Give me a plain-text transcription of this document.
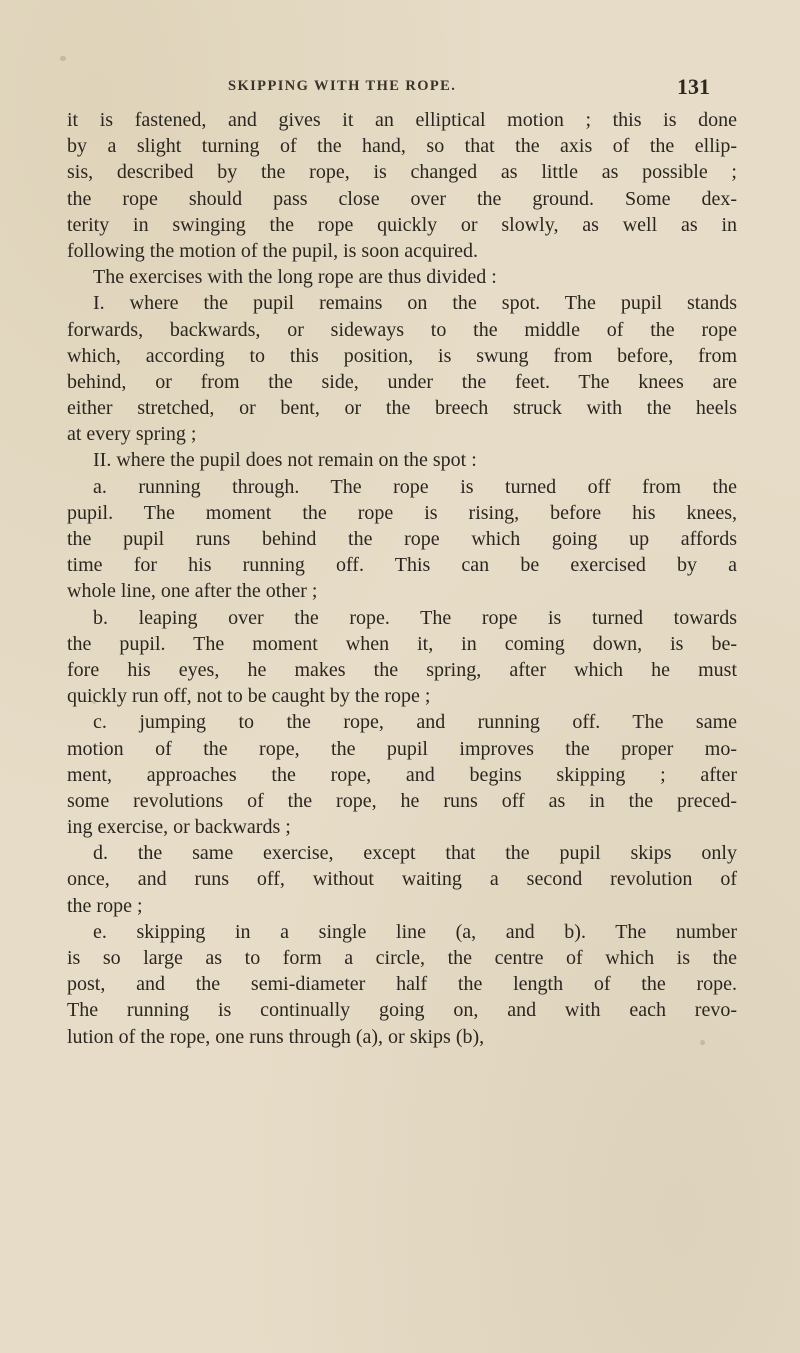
SKIPPING WITH THE ROPE.	131
it is fastened, and gives it an elliptical motion ; this is done
by a slight turning of the hand, so that the axis of the ellip-
sis, described by the rope, is changed as little as possible ;
the rope should pass close over the ground. Some dex-
terity in swinging the rope quickly or slowly, as well as in
following the motion of the pupil, is soon acquired.
The exercises with the long rope are thus divided :
I. where the pupil remains on the spot. The pupil stands
forwards, backwards, or sideways to the middle of the rope
which, according to this position, is swung from before, from
behind, or from the side, under the feet. The knees are
either stretched, or bent, or the breech struck with the heels
at every spring ;
II. where the pupil does not remain on the spot :
a. running through. The rope is turned off from the
pupil. The moment the rope is rising, before his knees,
the pupil runs behind the rope which going up affords
time for his running off. This can be exercised by a
whole line, one after the other ;
b. leaping over the rope. The rope is turned towards
the pupil. The moment when it, in coming down, is be-
fore his eyes, he makes the spring, after which he must
quickly run off, not to be caught by the rope ;
c. jumping to the rope, and running off. The same
motion of the rope, the pupil improves the proper mo-
ment, approaches the rope, and begins skipping ; after
some revolutions of the rope, he runs off as in the preced-
ing exercise, or backwards ;
d. the same exercise, except that the pupil skips only
once, and runs off, without waiting a second revolution of
the rope ;
e. skipping in a single line (a, and b). The number
is so large as to form a circle, the centre of which is the
post, and the semi-diameter half the length of the rope.
The running is continually going on, and with each revo-
lution of the rope, one runs through (a), or skips (b),
